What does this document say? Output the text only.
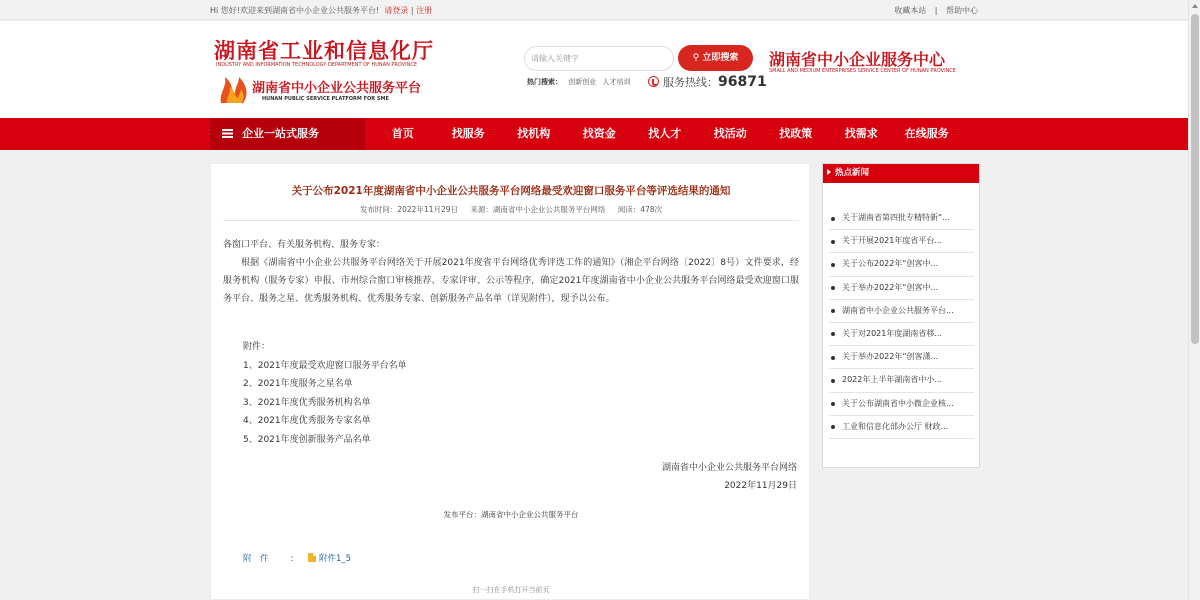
Hi 您好!欢迎来到湖南省中小企业公共服务平台! 请登录 | 注册	收藏本站 | 帮助中心
湖南省工业和信息化厅
INDUSTRY AND INFORMATION TECHNOLOGY DEPARTMENT OF HUNAN PROVINCE
湖南省中小企业公共服务平台
HUNAN PUBLIC SERVICE PLATFORM FOR SME
请输入关键字	⚲ 立即搜索
热门搜索： 创新创业 人才培训	服务热线：96871
湖南省中小企业服务中心
SMALL AND MEDIUM ENTERPRISES SERVICE CENTER OF HUNAN PROVINCE
企业一站式服务	首页	找服务	找机构	找资金	找人才	找活动	找政策	找需求	在线服务
关于公布2021年度湖南省中小企业公共服务平台网络最受欢迎窗口服务平台等评选结果的通知
发布时间：2022年11月29日 来源：湖南省中小企业公共服务平台网络 阅读：478次

各窗口平台、有关服务机构、服务专家：

根据《湖南省中小企业公共服务平台网络关于开展2021年度省平台网络优秀评选工作的通知》（湘企平台网络〔2022〕8号）文件要求，经服务机构（服务专家）申报、市州综合窗口审核推荐、专家评审、公示等程序，确定2021年度湖南省中小企业公共服务平台网络最受欢迎窗口服务平台、服务之星、优秀服务机构、优秀服务专家、创新服务产品名单（详见附件），现予以公布。

附件：
1、2021年度最受欢迎窗口服务平台名单
2、2021年度服务之星名单
3、2021年度优秀服务机构名单
4、2021年度优秀服务专家名单
5、2021年度创新服务产品名单
湖南省中小企业公共服务平台网络
2022年11月29日
发布平台：湖南省中小企业公共服务平台
附　件	:	附件1_5
扫一扫在手机打开当前页
热点新闻
关于湖南省第四批专精特新“...
关于开展2021年度省平台...
关于公布2022年“创客中...
关于举办2022年“创客中...
湖南省中小企业公共服务平台...
关于对2021年度湖南省移...
关于举办2022年“创客潇...
2022年上半年湖南省中小...
关于公布湖南省中小微企业核...
工业和信息化部办公厅 财政...
